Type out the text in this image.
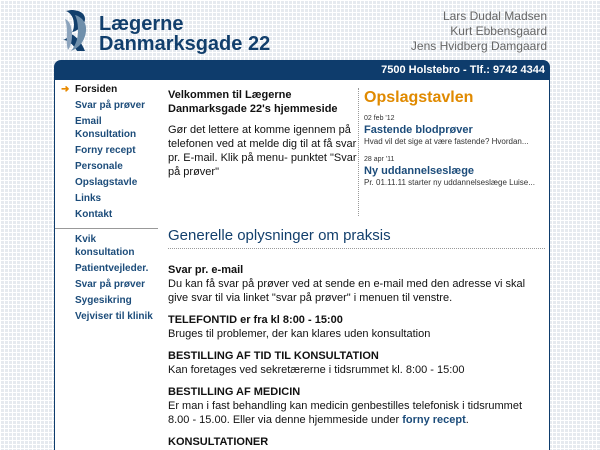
Lægerne
Danmarksgade 22
Lars Dudal Madsen
Kurt Ebbensgaard
Jens Hvidberg Damgaard
7500 Holstebro - Tlf.: 9742 4344
➜ Forsiden
Svar på prøver
Email Konsultation
Forny recept
Personale
Opslagstavle
Links
Kontakt
Kvik konsultation
Patientvejleder.
Svar på prøver
Sygesikring
Vejviser til klinik
Velkommen til Lægerne Danmarksgade 22's hjemmeside

Gør det lettere at komme igennem på telefonen ved at melde dig til at få svar pr. E-mail. Klik på menu- punktet "Svar på prøver"

Opslagstavlen
02 feb '12
Fastende blodprøver
Hvad vil det sige at være fastende? Hvordan...
28 apr '11
Ny uddannelseslæge
Pr. 01.11.11 starter ny uddannelseslæge Luise...
Generelle oplysninger om praksis
Svar pr. e-mail
Du kan få svar på prøver ved at sende en e-mail med den adresse vi skal give svar til via linket "svar på prøver" i menuen til venstre.
TELEFONTID er fra kl 8:00 - 15:00
Bruges til problemer, der kan klares uden konsultation
BESTILLING AF TID TIL KONSULTATION
Kan foretages ved sekretærerne i tidsrummet kl. 8:00 - 15:00
BESTILLING AF MEDICIN
Er man i fast behandling kan medicin genbestilles telefonisk i tidsrummet 8.00 - 15.00. Eller via denne hjemmeside under forny recept.
KONSULTATIONER
